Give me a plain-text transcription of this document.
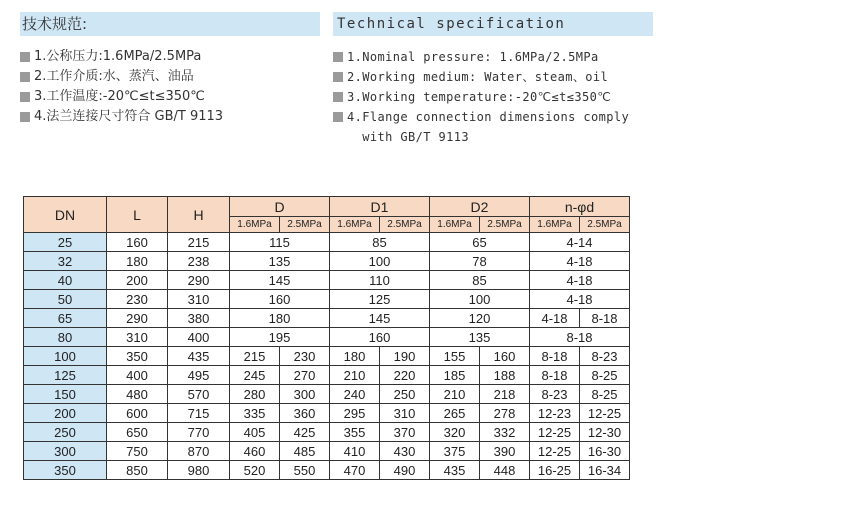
技术规范:	Technical specification
1.公称压力:1.6MPa/2.5MPa
2.工作介质:水、蒸汽、油品
3.工作温度:-20℃≤t≤350℃
4.法兰连接尺寸符合 GB/T 9113
1.Nominal pressure: 1.6MPa/2.5MPa
2.Working medium: Water、steam、oil
3.Working temperature:-20℃≤t≤350℃
4.Flange connection dimensions comply
with GB/T 9113
DN	L	H	D		D1		D2		n-φd	
			1.6MPa	2.5MPa	1.6MPa	2.5MPa	1.6MPa	2.5MPa	1.6MPa	2.5MPa
25	160	215	115		85		65		4-14	
32	180	238	135		100		78		4-18	
40	200	290	145		110		85		4-18	
50	230	310	160		125		100		4-18	
65	290	380	180		145		120		4-18	8-18
80	310	400	195		160		135		8-18	
100	350	435	215	230	180	190	155	160	8-18	8-23
125	400	495	245	270	210	220	185	188	8-18	8-25
150	480	570	280	300	240	250	210	218	8-23	8-25
200	600	715	335	360	295	310	265	278	12-23	12-25
250	650	770	405	425	355	370	320	332	12-25	12-30
300	750	870	460	485	410	430	375	390	12-25	16-30
350	850	980	520	550	470	490	435	448	16-25	16-34
